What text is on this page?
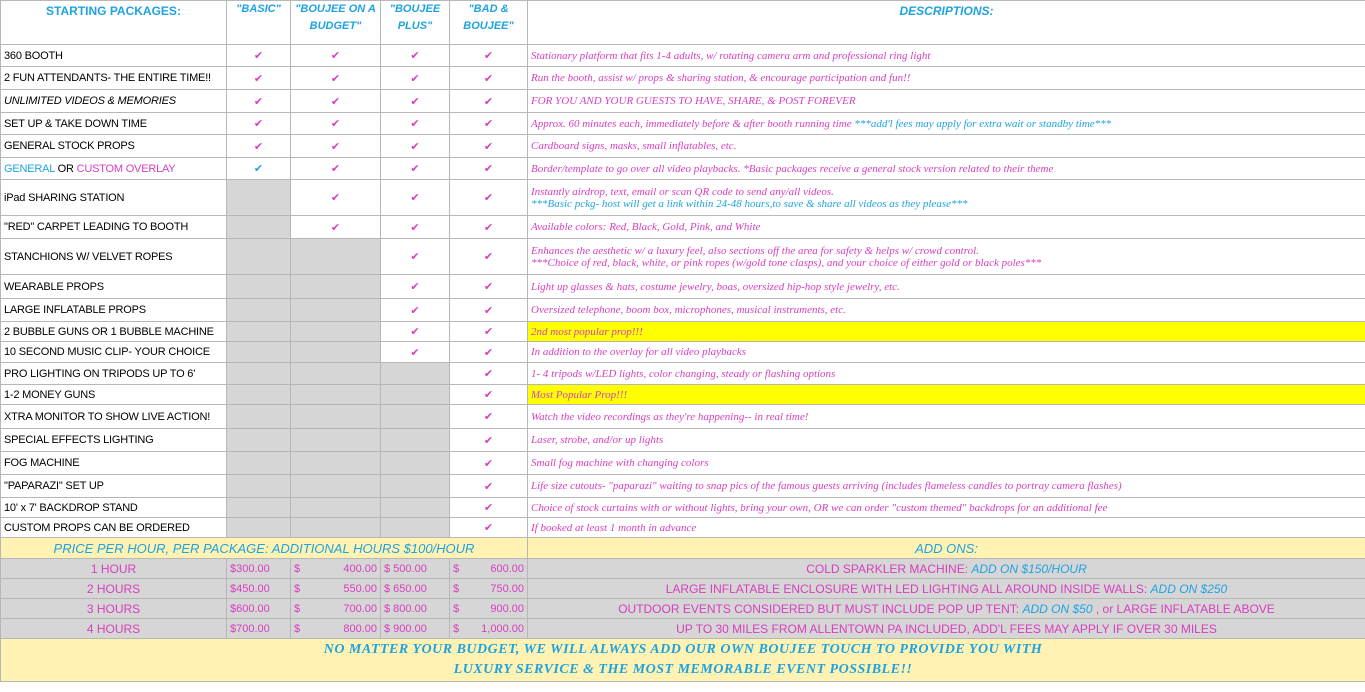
STARTING PACKAGES:	"BASIC"	"BOUJEE ON A BUDGET"	"BOUJEE PLUS"	"BAD & BOUJEE"	DESCRIPTIONS:
360 BOOTH	✔	✔	✔	✔	Stationary platform that fits 1-4 adults, w/ rotating camera arm and professional ring light
2 FUN ATTENDANTS- THE ENTIRE TIME!!	✔	✔	✔	✔	Run the booth, assist w/ props & sharing station, & encourage participation and fun!!
UNLIMITED VIDEOS & MEMORIES	✔	✔	✔	✔	FOR YOU AND YOUR GUESTS TO HAVE, SHARE, & POST FOREVER
SET UP & TAKE DOWN TIME	✔	✔	✔	✔	Approx. 60 minutes each, immediately before & after booth running time ***add'l fees may apply for extra wait or standby time***
GENERAL STOCK PROPS	✔	✔	✔	✔	Cardboard signs, masks, small inflatables, etc.
GENERAL OR CUSTOM OVERLAY	✔	✔	✔	✔	Border/template to go over all video playbacks. *Basic packages receive a general stock version related to their theme
iPad SHARING STATION		✔	✔	✔	Instantly airdrop, text, email or scan QR code to send any/all videos.
***Basic pckg- host will get a link within 24-48 hours,to save & share all videos as they please***

"RED" CARPET LEADING TO BOOTH		✔	✔	✔	Available colors: Red, Black, Gold, Pink, and White
STANCHIONS W/ VELVET ROPES			✔	✔	Enhances the aesthetic w/ a luxury feel, also sections off the area for safety & helps w/ crowd control.
***Choice of red, black, white, or pink ropes (w/gold tone clasps), and your choice of either gold or black poles***

WEARABLE PROPS			✔	✔	Light up glasses & hats, costume jewelry, boas, oversized hip-hop style jewelry, etc.
LARGE INFLATABLE PROPS			✔	✔	Oversized telephone, boom box, microphones, musical instruments, etc.
2 BUBBLE GUNS OR 1 BUBBLE MACHINE			✔	✔	2nd most popular prop!!!
10 SECOND MUSIC CLIP- YOUR CHOICE			✔	✔	In addition to the overlay for all video playbacks
PRO LIGHTING ON TRIPODS UP TO 6'				✔	1- 4 tripods w/LED lights, color changing, steady or flashing options
1-2 MONEY GUNS				✔	Most Popular Prop!!!
XTRA MONITOR TO SHOW LIVE ACTION!				✔	Watch the video recordings as they're happening-- in real time!
SPECIAL EFFECTS LIGHTING				✔	Laser, strobe, and/or up lights
FOG MACHINE				✔	Small fog machine with changing colors
"PAPARAZI" SET UP				✔	Life size cutouts- "paparazi" waiting to snap pics of the famous guests arriving (includes flameless candles to portray camera flashes)
10' x 7' BACKDROP STAND				✔	Choice of stock curtains with or without lights, bring your own, OR we can order "custom themed" backdrops for an additional fee
CUSTOM PROPS CAN BE ORDERED				✔	If booked at least 1 month in advance
PRICE PER HOUR, PER PACKAGE: ADDITIONAL HOURS $100/HOUR					ADD ONS:
1 HOUR	$300.00	$ 400.00	$ 500.00	$ 600.00	COLD SPARKLER MACHINE: ADD ON $150/HOUR
2 HOURS	$450.00	$ 550.00	$ 650.00	$ 750.00	LARGE INFLATABLE ENCLOSURE WITH LED LIGHTING ALL AROUND INSIDE WALLS: ADD ON $250
3 HOURS	$600.00	$ 700.00	$ 800.00	$ 900.00	OUTDOOR EVENTS CONSIDERED BUT MUST INCLUDE POP UP TENT: ADD ON $50 , or LARGE INFLATABLE ABOVE
4 HOURS	$700.00	$ 800.00	$ 900.00	$ 1,000.00	UP TO 30 MILES FROM ALLENTOWN PA INCLUDED, ADD'L FEES MAY APPLY IF OVER 30 MILES

NO MATTER YOUR BUDGET, WE WILL ALWAYS ADD OUR OWN BOUJEE TOUCH TO PROVIDE YOU WITH
LUXURY SERVICE & THE MOST MEMORABLE EVENT POSSIBLE!!					
